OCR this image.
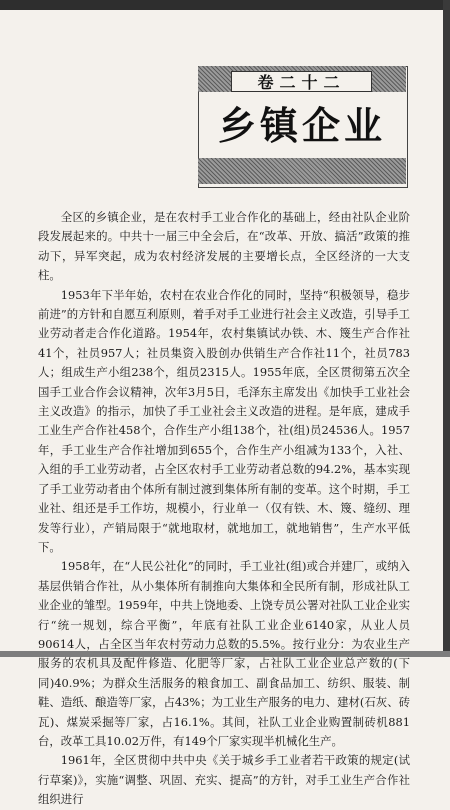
卷二十二
乡镇企业

全区的乡镇企业，是在农村手工业合作化的基础上，经由社队企业阶段发展起来的。中共十一届三中全会后，在“改革、开放、搞活”政策的推动下，异军突起，成为农村经济发展的主要增长点，全区经济的一大支柱。

1953年下半年始，农村在农业合作化的同时，坚持“积极领导，稳步前进”的方针和自愿互利原则，着手对手工业进行社会主义改造，引导手工业劳动者走合作化道路。1954年，农村集镇试办铁、木、篾生产合作社41个，社员957人；社员集资入股创办供销生产合作社11个，社员783人；组成生产小组238个，组员2315人。1955年底，全区贯彻第五次全国手工业合作会议精神，次年3月5日，毛泽东主席发出《加快手工业社会主义改造》的指示，加快了手工业社会主义改造的进程。是年底，建成手工业生产合作社458个，合作生产小组138个，社(组)员24536人。1957年，手工业生产合作社增加到655个，合作生产小组减为133个，入社、入组的手工业劳动者，占全区农村手工业劳动者总数的94.2%，基本实现了手工业劳动者由个体所有制过渡到集体所有制的变革。这个时期，手工业社、组还是手工作坊，规模小，行业单一（仅有铁、木、篾、缝纫、理发等行业），产销局限于“就地取材，就地加工，就地销售”，生产水平低下。

1958年，在“人民公社化”的同时，手工业社(组)或合并建厂，或纳入基层供销合作社，从小集体所有制推向大集体和全民所有制，形成社队工业企业的雏型。1959年，中共上饶地委、上饶专员公署对社队工业企业实行“统一规划，综合平衡”，年底有社队工业企业6140家，从业人员90614人，占全区当年农村劳动力总数的5.5%。按行业分：为农业生产服务的农机具及配件修造、化肥等厂家，占社队工业企业总产数的(下同)40.9%；为群众生活服务的粮食加工、副食品加工、纺织、服装、制鞋、造纸、酿造等厂家，占43%；为工业生产服务的电力、建材(石灰、砖瓦)、煤炭采掘等厂家，占16.1%。其间，社队工业企业购置制砖机881台，改革工具10.02万件，有149个厂家实现半机械化生产。

1961年，全区贯彻中共中央《关于城乡手工业者若干政策的规定(试行草案)》，实施“调整、巩固、充实、提高”的方针，对手工业生产合作社组织进行
